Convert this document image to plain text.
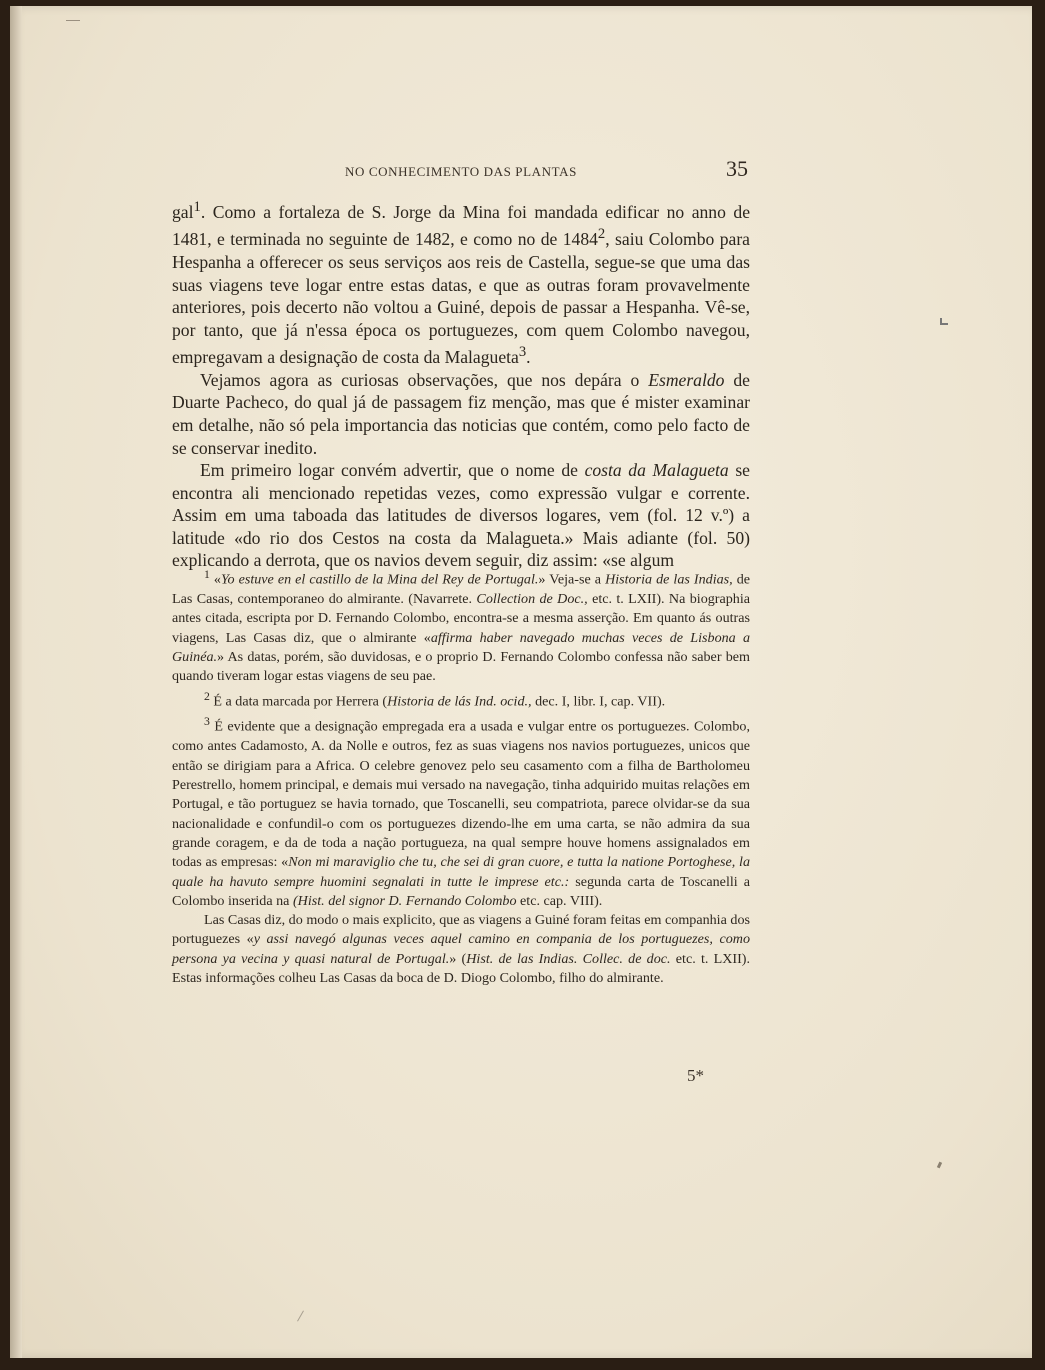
NO CONHECIMENTO DAS PLANTAS	35

gal$^1$. Como a fortaleza de S. Jorge da Mina foi mandada edificar no anno de 1481, e terminada no seguinte de 1482, e como no de 1484$^2$, saiu Colombo para Hespanha a offerecer os seus serviços aos reis de Castella, segue-se que uma das suas viagens teve logar entre estas datas, e que as outras foram provavelmente anteriores, pois decerto não voltou a Guiné, depois de passar a Hespanha. Vê-se, por tanto, que já n'essa época os portuguezes, com quem Colombo navegou, empregavam a designação de costa da Malagueta$^3$.

Vejamos agora as curiosas observações, que nos depára o Esmeraldo de Duarte Pacheco, do qual já de passagem fiz menção, mas que é mister examinar em detalhe, não só pela importancia das noticias que contém, como pelo facto de se conservar inedito.

Em primeiro logar convém advertir, que o nome de costa da Malagueta se encontra ali mencionado repetidas vezes, como expressão vulgar e corrente. Assim em uma taboada das latitudes de diversos logares, vem (fol. 12 v.º) a latitude «do rio dos Cestos na costa da Malagueta.» Mais adiante (fol. 50) explicando a derrota, que os navios devem seguir, diz assim: «se algum

$^1$ «Yo estuve en el castillo de la Mina del Rey de Portugal.» Veja-se a Historia de las Indias, de Las Casas, contemporaneo do almirante. (Navarrete. Collection de Doc., etc. t. LXII). Na biographia antes citada, escripta por D. Fernando Colombo, encontra-se a mesma asserção. Em quanto ás outras viagens, Las Casas diz, que o almirante «affirma haber navegado muchas veces de Lisbona a Guinéa.» As datas, porém, são duvidosas, e o proprio D. Fernando Colombo confessa não saber bem quando tiveram logar estas viagens de seu pae.

$^2$ É a data marcada por Herrera (Historia de lás Ind. ocid., dec. I, libr. I, cap. VII).

$^3$ É evidente que a designação empregada era a usada e vulgar entre os portuguezes. Colombo, como antes Cadamosto, A. da Nolle e outros, fez as suas viagens nos navios portuguezes, unicos que então se dirigiam para a Africa. O celebre genovez pelo seu casamento com a filha de Bartholomeu Perestrello, homem principal, e demais mui versado na navegação, tinha adquirido muitas relações em Portugal, e tão portuguez se havia tornado, que Toscanelli, seu compatriota, parece olvidar-se da sua nacionalidade e confundil-o com os portuguezes dizendo-lhe em uma carta, se não admira da sua grande coragem, e da de toda a nação portugueza, na qual sempre houve homens assignalados em todas as empresas: «Non mi maraviglio che tu, che sei di gran cuore, e tutta la natione Portoghese, la quale ha havuto sempre huomini segnalati in tutte le imprese etc.: segunda carta de Toscanelli a Colombo inserida na (Hist. del signor D. Fernando Colombo etc. cap. VIII).

Las Casas diz, do modo o mais explicito, que as viagens a Guiné foram feitas em companhia dos portuguezes «y assi navegó algunas veces aquel camino en compania de los portuguezes, como persona ya vecina y quasi natural de Portugal.» (Hist. de las Indias. Collec. de doc. etc. t. LXII). Estas informações colheu Las Casas da boca de D. Diogo Colombo, filho do almirante.

5*
